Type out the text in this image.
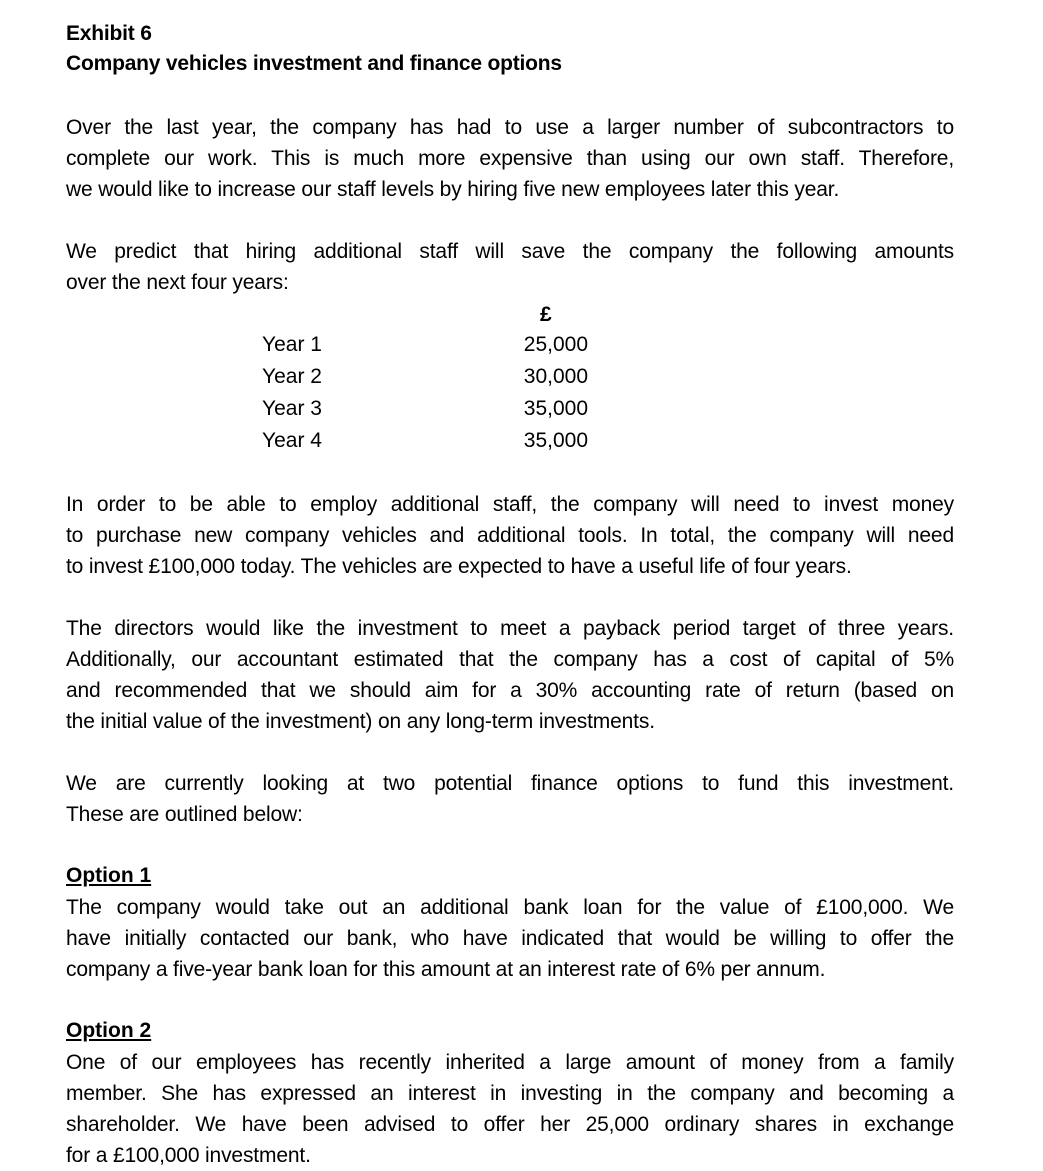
Exhibit 6
Company vehicles investment and finance options
Over the last year, the company has had to use a larger number of subcontractors to
complete our work. This is much more expensive than using our own staff. Therefore,
we would like to increase our staff levels by hiring five new employees later this year.
We predict that hiring additional staff will save the company the following amounts
over the next four years:
£
Year 1	25,000
Year 2	30,000
Year 3	35,000
Year 4	35,000
In order to be able to employ additional staff, the company will need to invest money
to purchase new company vehicles and additional tools. In total, the company will need
to invest £100,000 today. The vehicles are expected to have a useful life of four years.
The directors would like the investment to meet a payback period target of three years.
Additionally, our accountant estimated that the company has a cost of capital of 5%
and recommended that we should aim for a 30% accounting rate of return (based on
the initial value of the investment) on any long-term investments.
We are currently looking at two potential finance options to fund this investment.
These are outlined below:
Option 1
The company would take out an additional bank loan for the value of £100,000. We
have initially contacted our bank, who have indicated that would be willing to offer the
company a five-year bank loan for this amount at an interest rate of 6% per annum.
Option 2
One of our employees has recently inherited a large amount of money from a family
member. She has expressed an interest in investing in the company and becoming a
shareholder. We have been advised to offer her 25,000 ordinary shares in exchange
for a £100,000 investment.
